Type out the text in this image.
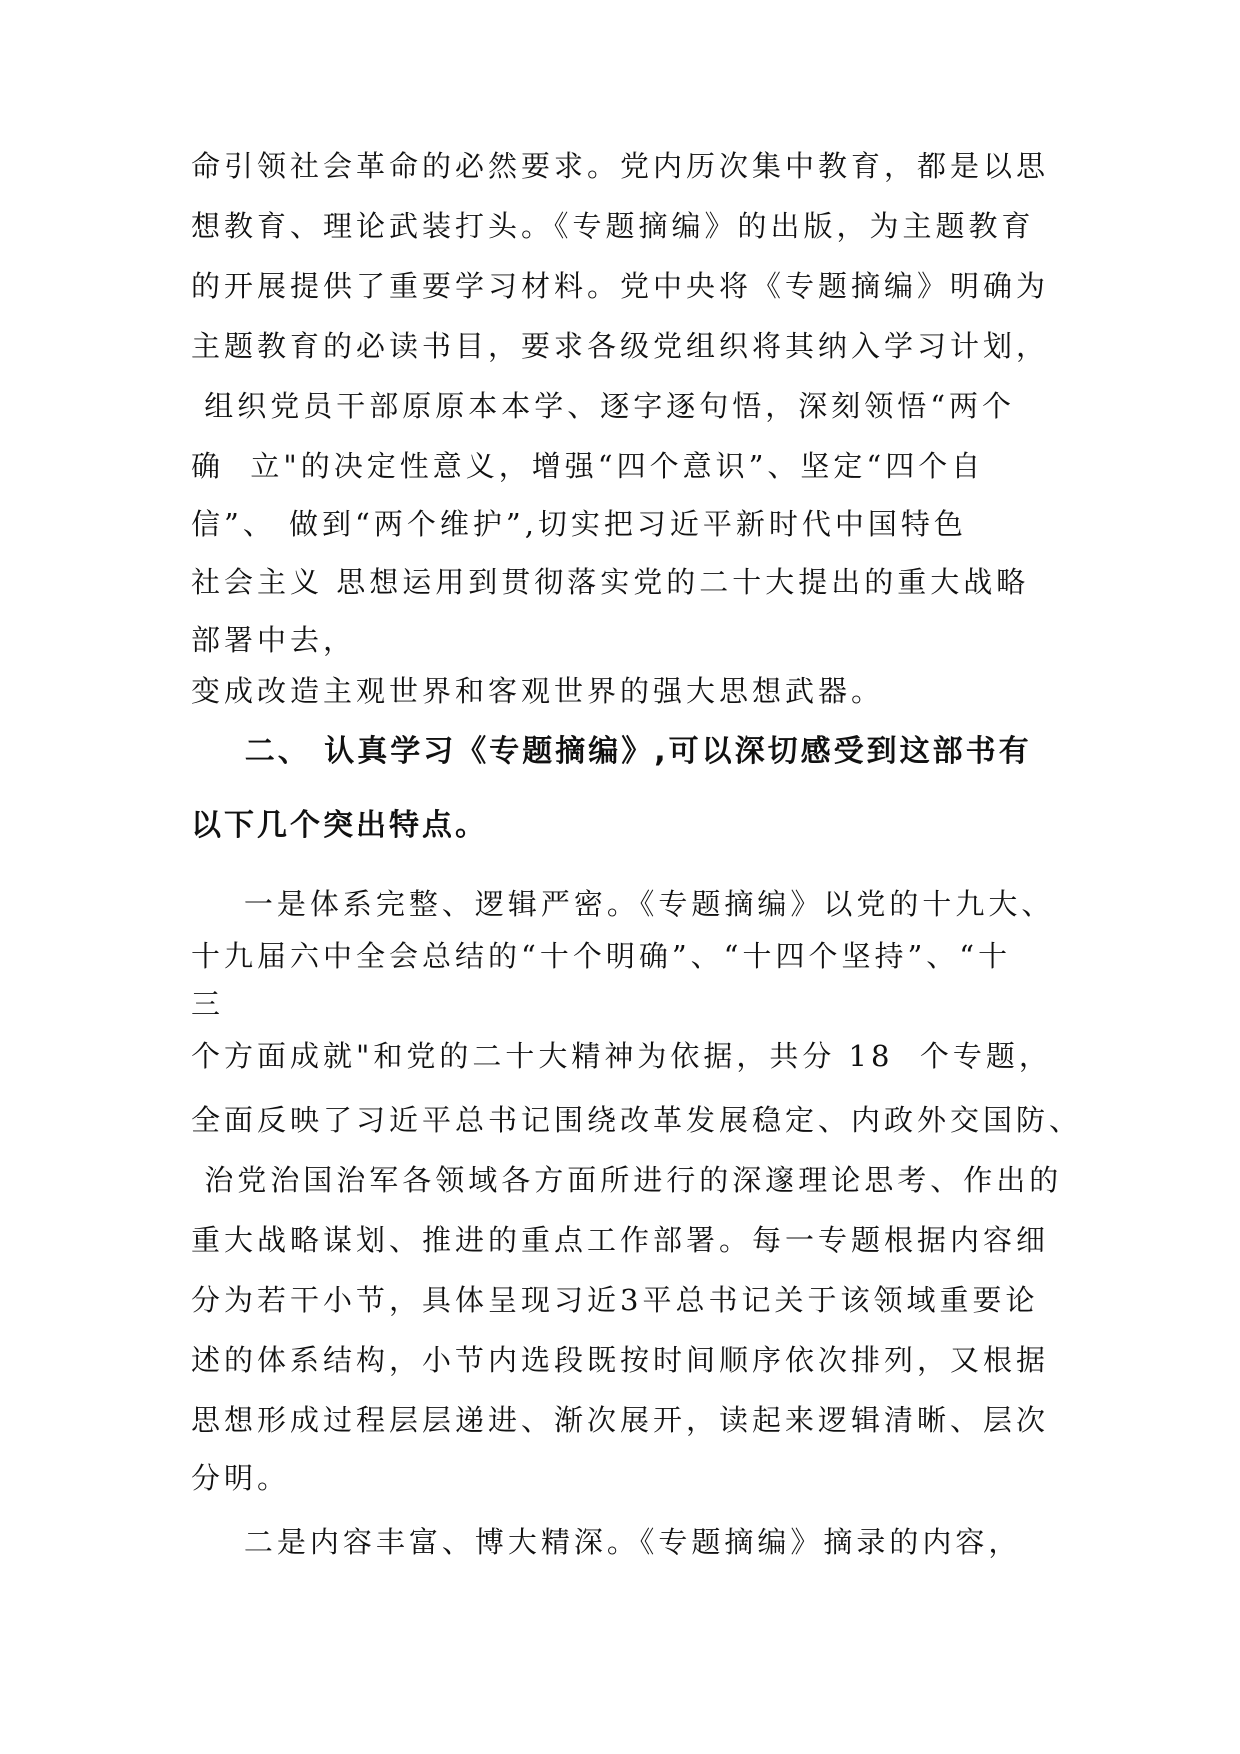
命引领社会革命的必然要求。党内历次集中教育，都是以思
想教育、理论武装打头。《专题摘编》的出版，为主题教育
的开展提供了重要学习材料。党中央将《专题摘编》明确为
主题教育的必读书目，要求各级党组织将其纳入学习计划，
组织党员干部原原本本学、逐字逐句悟，深刻领悟“两个
确  立"的决定性意义，增强“四个意识”、坚定“四个自
信”、 做到“两个维护”,切实把习近平新时代中国特色
社会主义 思想运用到贯彻落实党的二十大提出的重大战略
部署中去，
变成改造主观世界和客观世界的强大思想武器。
二、 认真学习《专题摘编》,可以深切感受到这部书有
以下几个突出特点。
一是体系完整、逻辑严密。《专题摘编》以党的十九大、
十九届六中全会总结的“十个明确”、“十四个坚持”、“十
三
个方面成就"和党的二十大精神为依据，共分 18  个专题，
全面反映了习近平总书记围绕改革发展稳定、内政外交国防、
治党治国治军各领域各方面所进行的深邃理论思考、作出的
重大战略谋划、推进的重点工作部署。每一专题根据内容细
分为若干小节，具体呈现习近3平总书记关于该领域重要论
述的体系结构，小节内选段既按时间顺序依次排列，又根据
思想形成过程层层递进、渐次展开，读起来逻辑清晰、层次
分明。
二是内容丰富、博大精深。《专题摘编》摘录的内容，
